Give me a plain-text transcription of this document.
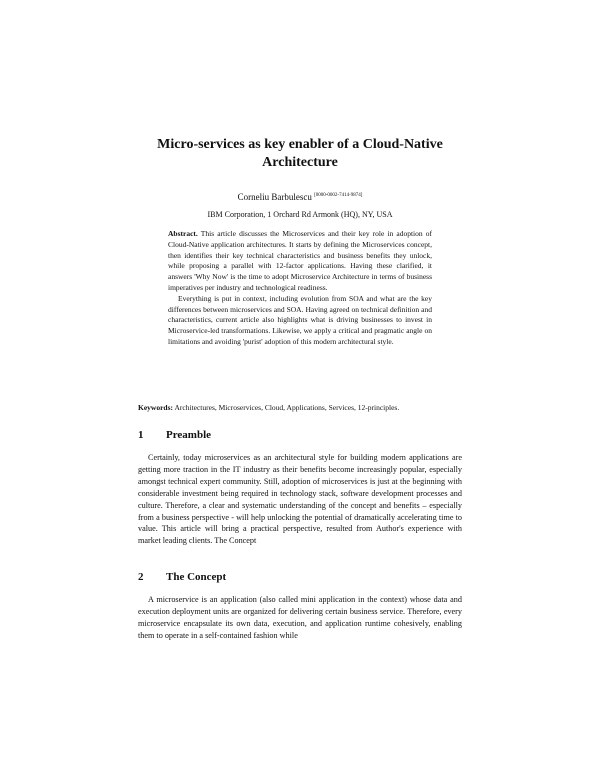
Micro-services as key enabler of a Cloud-Native
Architecture
Corneliu Barbulescu [0000-0002-7414-9874]
IBM Corporation, 1 Orchard Rd Armonk (HQ), NY, USA

Abstract. This article discusses the Microservices and their key role in adoption of Cloud-Native application architectures. It starts by defining the Microservices concept, then identifies their key technical characteristics and business benefits they unlock, while proposing a parallel with 12-factor applications. Having these clarified, it answers 'Why Now' is the time to adopt Microservice Architecture in terms of business imperatives per industry and technological readiness.

Everything is put in context, including evolution from SOA and what are the key differences between microservices and SOA. Having agreed on technical definition and characteristics, current article also highlights what is driving businesses to invest in Microservice-led transformations. Likewise, we apply a critical and pragmatic angle on limitations and avoiding 'purist' adoption of this modern architectural style.

Keywords: Architectures, Microservices, Cloud, Applications, Services, 12-principles.
1 Preamble

Certainly, today microservices as an architectural style for building modern applications are getting more traction in the IT industry as their benefits become increasingly popular, especially amongst technical expert community. Still, adoption of microservices is just at the beginning with considerable investment being required in technology stack, software development processes and culture. Therefore, a clear and systematic understanding of the concept and benefits – especially from a business perspective - will help unlocking the potential of dramatically accelerating time to value. This article will bring a practical perspective, resulted from Author's experience with market leading clients. The Concept

2 The Concept

A microservice is an application (also called mini application in the context) whose data and execution deployment units are organized for delivering certain business service. Therefore, every microservice encapsulate its own data, execution, and application runtime cohesively, enabling them to operate in a self-contained fashion while
